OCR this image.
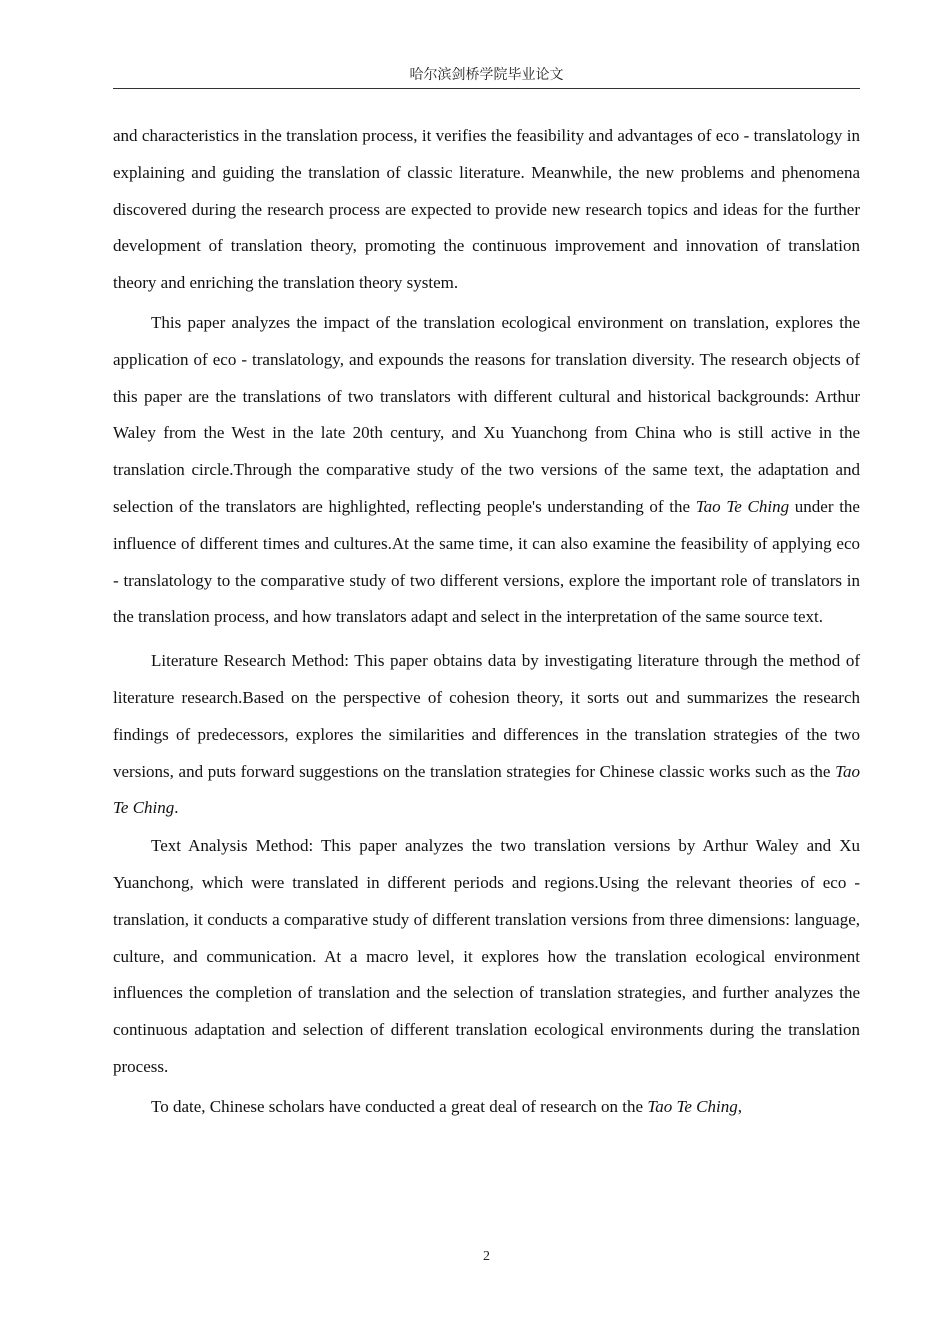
哈尔滨剑桥学院毕业论文

and characteristics in the translation process, it verifies the feasibility and advantages of eco - translatology in explaining and guiding the translation of classic literature. Meanwhile, the new problems and phenomena discovered during the research process are expected to provide new research topics and ideas for the further development of translation theory, promoting the continuous improvement and innovation of translation theory and enriching the translation theory system.

This paper analyzes the impact of the translation ecological environment on translation, explores the application of eco - translatology, and expounds the reasons for translation diversity. The research objects of this paper are the translations of two translators with different cultural and historical backgrounds: Arthur Waley from the West in the late 20th century, and Xu Yuanchong from China who is still active in the translation circle.Through the comparative study of the two versions of the same text, the adaptation and selection of the translators are highlighted, reflecting people's understanding of the Tao Te Ching under the influence of different times and cultures.At the same time, it can also examine the feasibility of applying eco - translatology to the comparative study of two different versions, explore the important role of translators in the translation process, and how translators adapt and select in the interpretation of the same source text.

Literature Research Method: This paper obtains data by investigating literature through the method of literature research.Based on the perspective of cohesion theory, it sorts out and summarizes the research findings of predecessors, explores the similarities and differences in the translation strategies of the two versions, and puts forward suggestions on the translation strategies for Chinese classic works such as the Tao Te Ching.

Text Analysis Method: This paper analyzes the two translation versions by Arthur Waley and Xu Yuanchong, which were translated in different periods and regions.Using the relevant theories of eco - translation, it conducts a comparative study of different translation versions from three dimensions: language, culture, and communication. At a macro level, it explores how the translation ecological environment influences the completion of translation and the selection of translation strategies, and further analyzes the continuous adaptation and selection of different translation ecological environments during the translation process.

To date, Chinese scholars have conducted a great deal of research on the Tao Te Ching,

2
